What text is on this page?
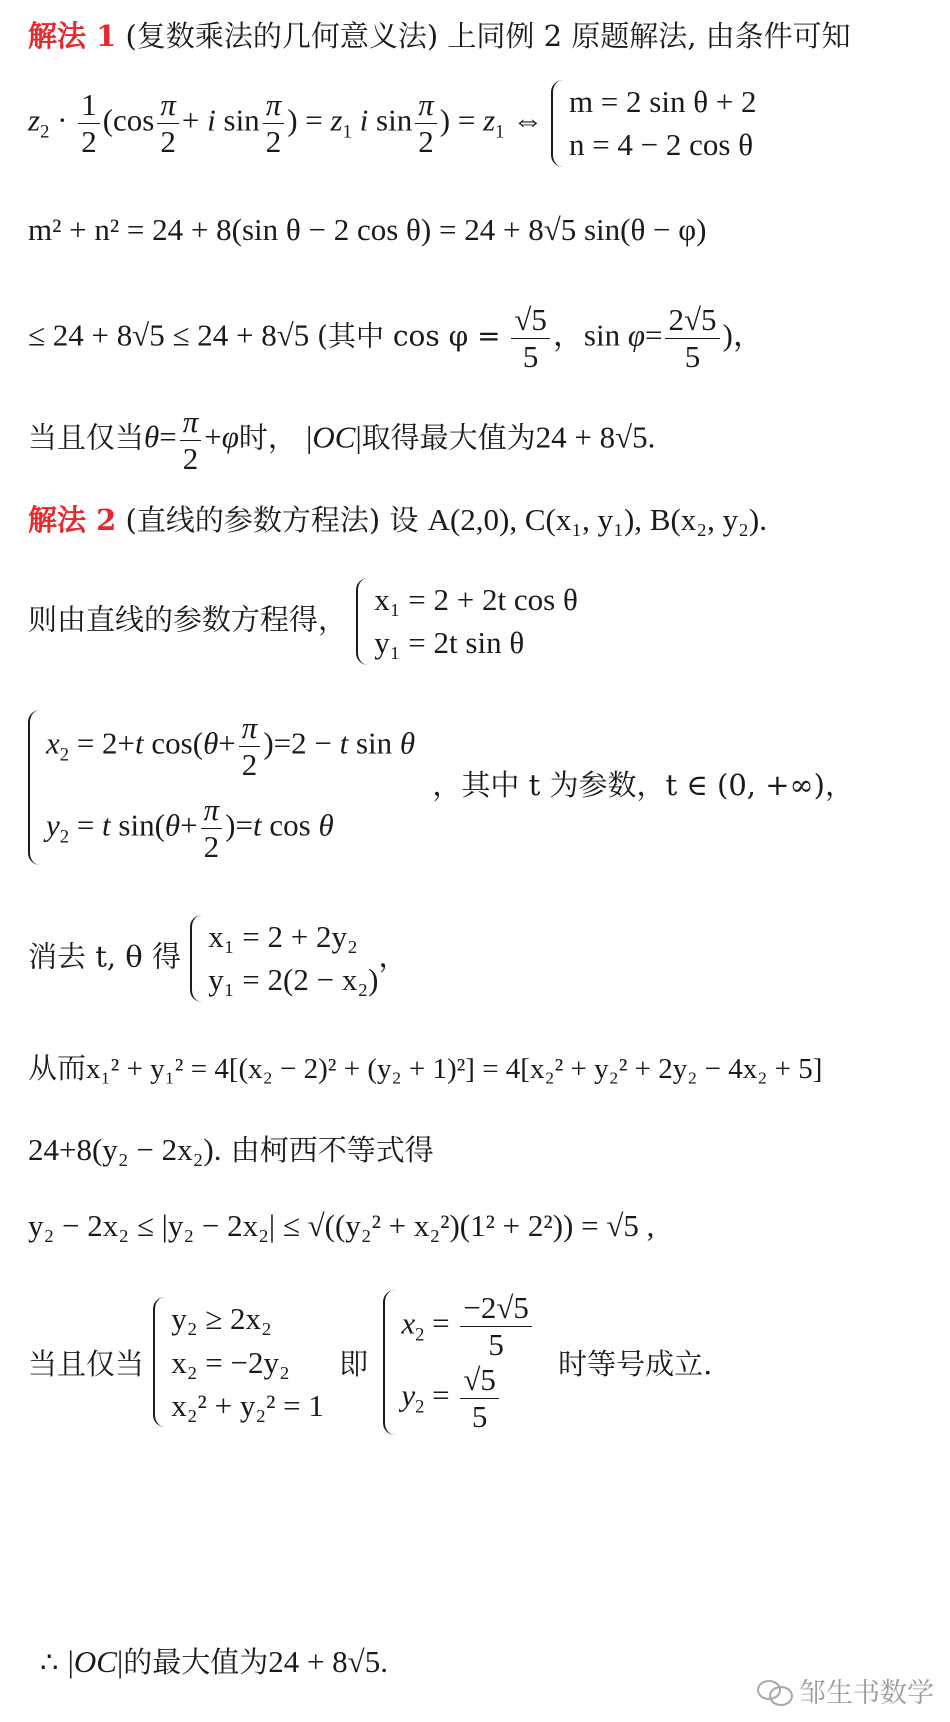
解法 1 (复数乘法的几何意义法) 上同例 2 原题解法, 由条件可知
$z_2 \cdot \frac{1}{2} (\cos \frac{\pi}{2} + i$ $\sin \frac{\pi}{2}$ ) = $z_1$ i $\sin \frac{\pi}{2}$ ) = $z_1$ ⇔
m = 2 sin θ + 2
n = 4 − 2 cos θ
m² + n² = 24 + 8(sin θ − 2 cos θ) = 24 + 8√5 sin(θ − φ)
≤ 24 + 8√5 ≤ 24 + 8√5 (其中 $\cos \varphi = \frac{√5}{5}$ ，$\sin \varphi= \frac{2√5}{5}$ )，
当且仅当$\theta= \frac{\pi}{2} +\varphi$时， |OC|取得最大值为24 + 8√5.
解法 2 (直线的参数方程法) 设 A(2,0), C(x₁, y₁), B(x₂, y₂).
则由直线的参数方程得，
x₁ = 2 + 2t cos θ
y₁ = 2t sin θ
$x_2 = 2+t$ $\cos(\theta+ \frac{\pi}{2} )=2 - t$ sin θ
$y_2 = t$ $\sin(\theta+ \frac{\pi}{2} )=t$ cos θ
，其中 t 为参数，t ∈ (0, +∞)，
消去 t, θ 得
x₁ = 2 + 2y₂
y₁ = 2(2 − x₂)
，
从而x₁² + y₁² = 4[(x₂ − 2)² + (y₂ + 1)²] = 4[x₂² + y₂² + 2y₂ − 4x₂ + 5]
24+8(y₂ − 2x₂). 由柯西不等式得
y₂ − 2x₂ ≤ |y₂ − 2x₂| ≤ √((y₂² + x₂²)(1² + 2²)) = √5 ,
当且仅当
y₂ ≥ 2x₂
x₂ = −2y₂
x₂² + y₂² = 1
即
$x_2 = \frac{-2√5}{5}$
$y_2 = \frac{√5}{5}$ 时等号成立.
∴ |OC|的最大值为24 + 8√5.
邹生书数学
